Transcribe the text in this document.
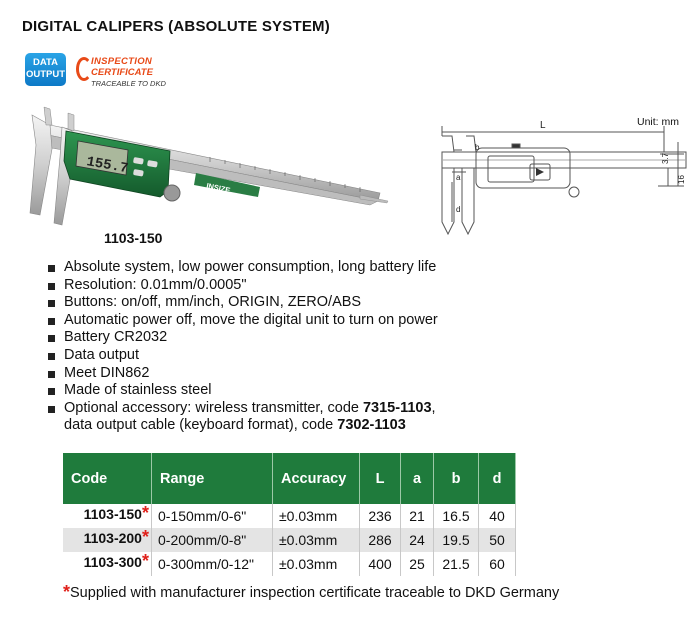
DIGITAL CALIPERS (ABSOLUTE SYSTEM)
DATA
OUTPUT
INSPECTION
CERTIFICATE
TRACEABLE TO DKD
155.7
INSIZE
1103-150
L
b
a
d
3.7
16
Unit: mm
Absolute system, low power consumption, long battery life
Resolution: 0.01mm/0.0005"
Buttons: on/off, mm/inch, ORIGIN, ZERO/ABS
Automatic power off, move the digital unit to turn on power
Battery CR2032
Data output
Meet DIN862
Made of stainless steel
Optional accessory: wireless transmitter, code 7315-1103,
data output cable (keyboard format), code 7302-1103
Code	Range	Accuracy	L	a	b	d
1103-150*	0-150mm/0-6"	±0.03mm	236	21	16.5	40
1103-200*	0-200mm/0-8"	±0.03mm	286	24	19.5	50
1103-300*	0-300mm/0-12"	±0.03mm	400	25	21.5	60
*Supplied with manufacturer inspection certificate traceable to DKD Germany
